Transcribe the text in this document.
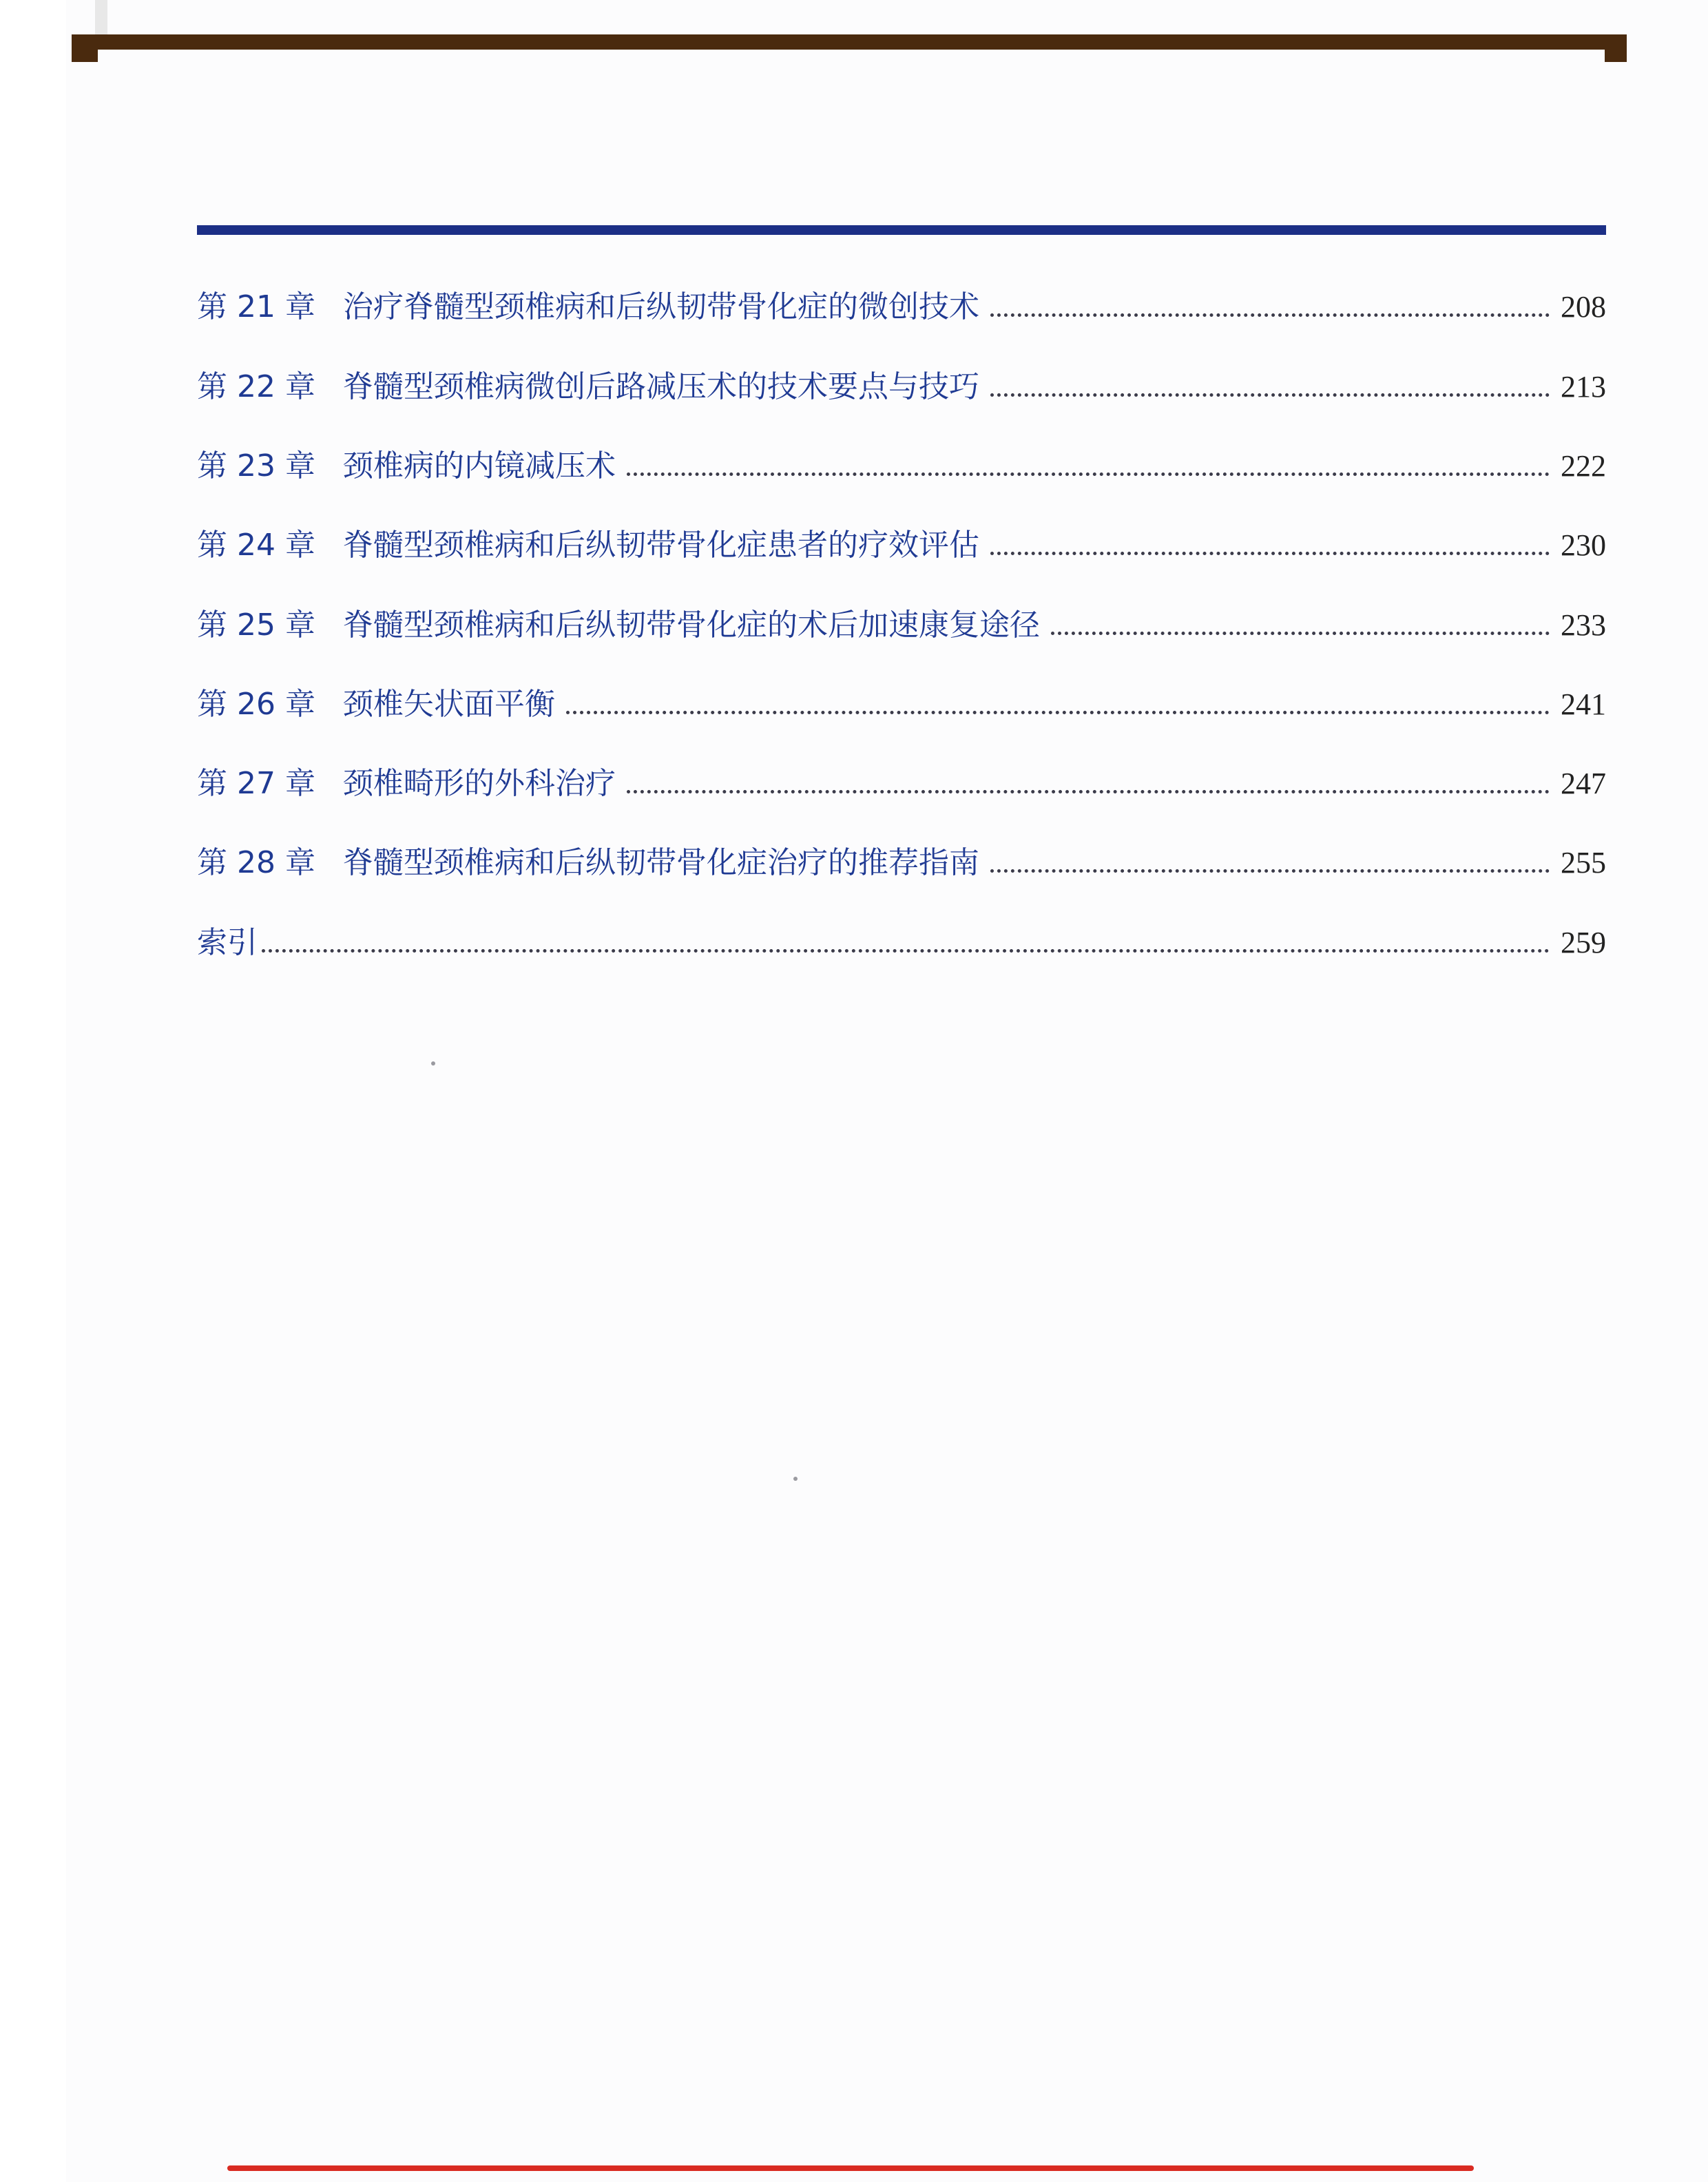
第 21 章 治疗脊髓型颈椎病和后纵韧带骨化症的微创技术	208
第 22 章 脊髓型颈椎病微创后路减压术的技术要点与技巧	213
第 23 章 颈椎病的内镜减压术	222
第 24 章 脊髓型颈椎病和后纵韧带骨化症患者的疗效评估	230
第 25 章 脊髓型颈椎病和后纵韧带骨化症的术后加速康复途径	233
第 26 章 颈椎矢状面平衡	241
第 27 章 颈椎畸形的外科治疗	247
第 28 章 脊髓型颈椎病和后纵韧带骨化症治疗的推荐指南	255
索引	259
